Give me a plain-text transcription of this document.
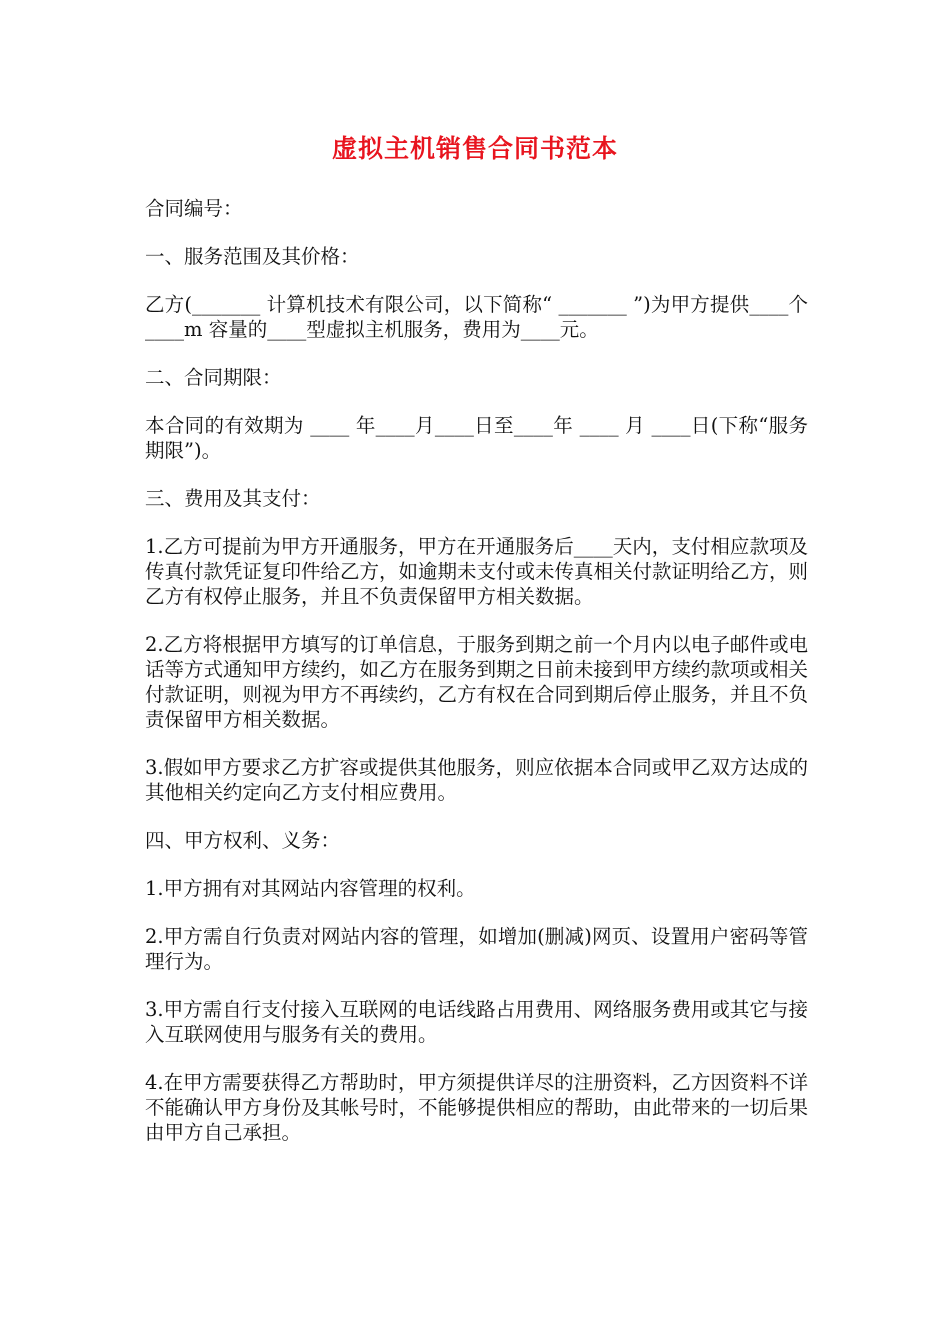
虚拟主机销售合同书范本

合同编号：

一、服务范围及其价格：

乙方(_______ 计算机技术有限公司，以下简称“ _______ ”)为甲方提供____个____m 容量的____型虚拟主机服务，费用为____元。

二、合同期限：

本合同的有效期为 ____ 年____月____日至____年 ____ 月 ____日(下称“服务期限”)。

三、费用及其支付：

1.乙方可提前为甲方开通服务，甲方在开通服务后____天内，支付相应款项及传真付款凭证复印件给乙方，如逾期未支付或未传真相关付款证明给乙方，则乙方有权停止服务，并且不负责保留甲方相关数据。

2.乙方将根据甲方填写的订单信息，于服务到期之前一个月内以电子邮件或电话等方式通知甲方续约，如乙方在服务到期之日前未接到甲方续约款项或相关付款证明，则视为甲方不再续约，乙方有权在合同到期后停止服务，并且不负责保留甲方相关数据。

3.假如甲方要求乙方扩容或提供其他服务，则应依据本合同或甲乙双方达成的其他相关约定向乙方支付相应费用。

四、甲方权利、义务：

1.甲方拥有对其网站内容管理的权利。

2.甲方需自行负责对网站内容的管理，如增加(删减)网页、设置用户密码等管理行为。

3.甲方需自行支付接入互联网的电话线路占用费用、网络服务费用或其它与接入互联网使用与服务有关的费用。

4.在甲方需要获得乙方帮助时，甲方须提供详尽的注册资料，乙方因资料不详不能确认甲方身份及其帐号时，不能够提供相应的帮助，由此带来的一切后果由甲方自己承担。
